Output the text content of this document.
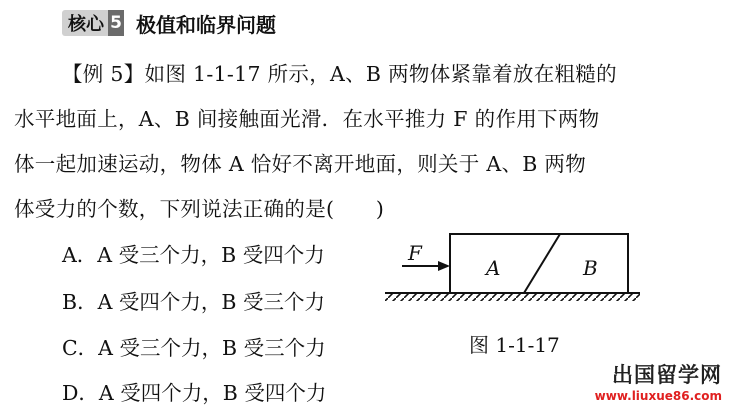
核心 5 极值和临界问题
【例 5】如图 1-1-17 所示，A、B 两物体紧靠着放在粗糙的
水平地面上，A、B 间接触面光滑．在水平推力 F 的作用下两物
体一起加速运动，物体 A 恰好不离开地面，则关于 A、B 两物
体受力的个数，下列说法正确的是(　　)
A．A 受三个力，B 受四个力
B．A 受四个力，B 受三个力
C．A 受三个力，B 受三个力
D．A 受四个力，B 受四个力
F
A	B
图 1-1-17
出国留学网
www.liuxue86.com
